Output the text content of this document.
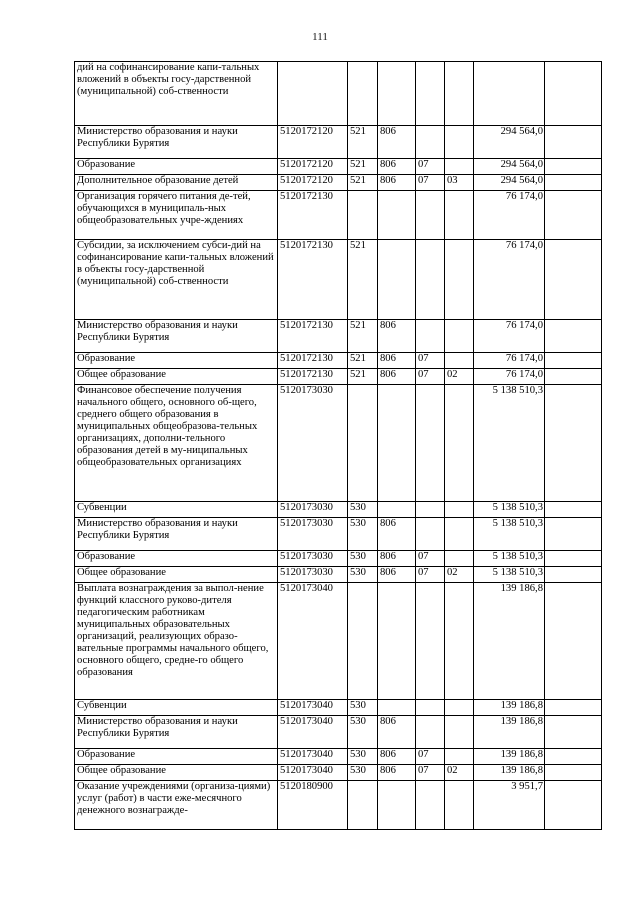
111
дий на софинансирование капи-тальных вложений в объекты госу-дарственной (муниципальной) соб-ственности							
Министерство образования и науки Республики Бурятия	5120172120	521	806			294 564,0	
Образование	5120172120	521	806	07		294 564,0	
Дополнительное образование детей	5120172120	521	806	07	03	294 564,0	
Организация горячего питания де-тей, обучающихся в муниципаль-ных общеобразовательных учре-ждениях	5120172130					76 174,0	
Субсидии, за исключением субси-дий на софинансирование капи-тальных вложений в объекты госу-дарственной (муниципальной) соб-ственности	5120172130	521				76 174,0	
Министерство образования и науки Республики Бурятия	5120172130	521	806			76 174,0	
Образование	5120172130	521	806	07		76 174,0	
Общее образование	5120172130	521	806	07	02	76 174,0	
Финансовое обеспечение получения начального общего, основного об-щего, среднего общего образования в муниципальных общеобразова-тельных организациях, дополни-тельного образования детей в му-ниципальных общеобразовательных организациях	5120173030					5 138 510,3	
Субвенции	5120173030	530				5 138 510,3	
Министерство образования и науки Республики Бурятия	5120173030	530	806			5 138 510,3	
Образование	5120173030	530	806	07		5 138 510,3	
Общее образование	5120173030	530	806	07	02	5 138 510,3	
Выплата вознаграждения за выпол-нение функций классного руково-дителя педагогическим работникам муниципальных образовательных организаций, реализующих образо-вательные программы начального общего, основного общего, средне-го общего образования	5120173040					139 186,8	
Субвенции	5120173040	530				139 186,8	
Министерство образования и науки Республики Бурятия	5120173040	530	806			139 186,8	
Образование	5120173040	530	806	07		139 186,8	
Общее образование	5120173040	530	806	07	02	139 186,8	
Оказание учреждениями (организа-циями) услуг (работ) в части еже-месячного денежного вознагражде-	5120180900					3 951,7	
